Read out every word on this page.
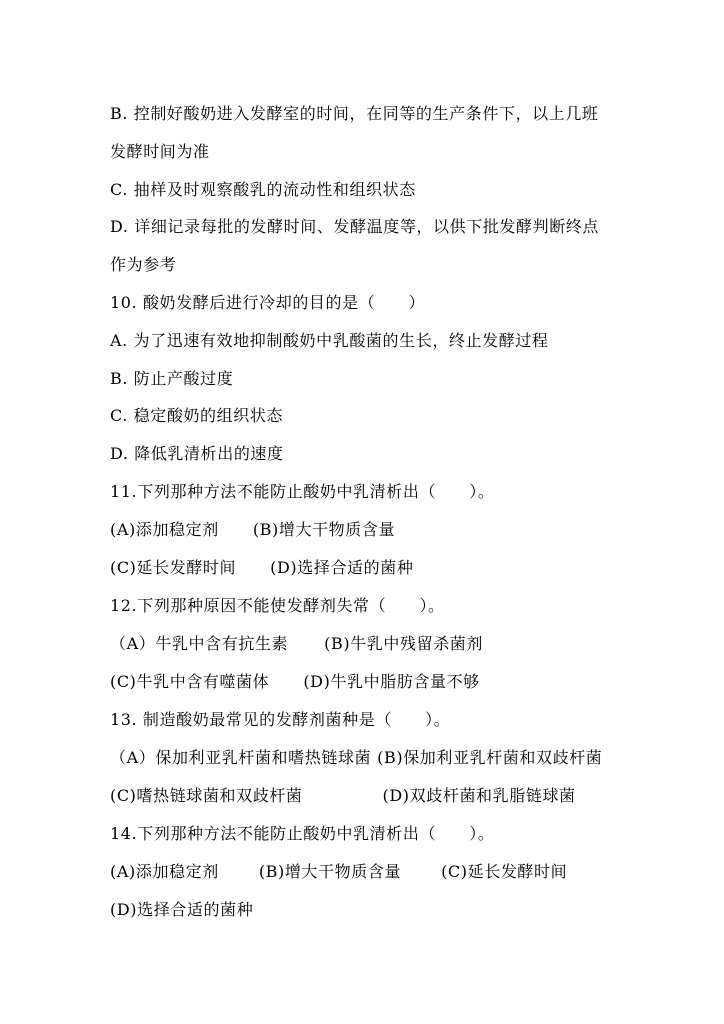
B. 控制好酸奶进入发酵室的时间，在同等的生产条件下，以上几班
发酵时间为准
C. 抽样及时观察酸乳的流动性和组织状态
D. 详细记录每批的发酵时间、发酵温度等，以供下批发酵判断终点
作为参考
10. 酸奶发酵后进行冷却的目的是（　　）
A. 为了迅速有效地抑制酸奶中乳酸菌的生长，终止发酵过程
B. 防止产酸过度
C. 稳定酸奶的组织状态
D. 降低乳清析出的速度
11.下列那种方法不能防止酸奶中乳清析出（　　）。
(A)添加稳定剂 (B)增大干物质含量
(C)延长发酵时间 (D)选择合适的菌种
12.下列那种原因不能使发酵剂失常（　　）。
（A）牛乳中含有抗生素 (B)牛乳中残留杀菌剂
(C)牛乳中含有噬菌体 (D)牛乳中脂肪含量不够
13. 制造酸奶最常见的发酵剂菌种是（　　）。
（A）保加利亚乳杆菌和嗜热链球菌 (B)保加利亚乳杆菌和双歧杆菌
(C)嗜热链球菌和双歧杆菌	(D)双歧杆菌和乳脂链球菌
14.下列那种方法不能防止酸奶中乳清析出（　　）。
(A)添加稳定剂	(B)增大干物质含量	(C)延长发酵时间
(D)选择合适的菌种
